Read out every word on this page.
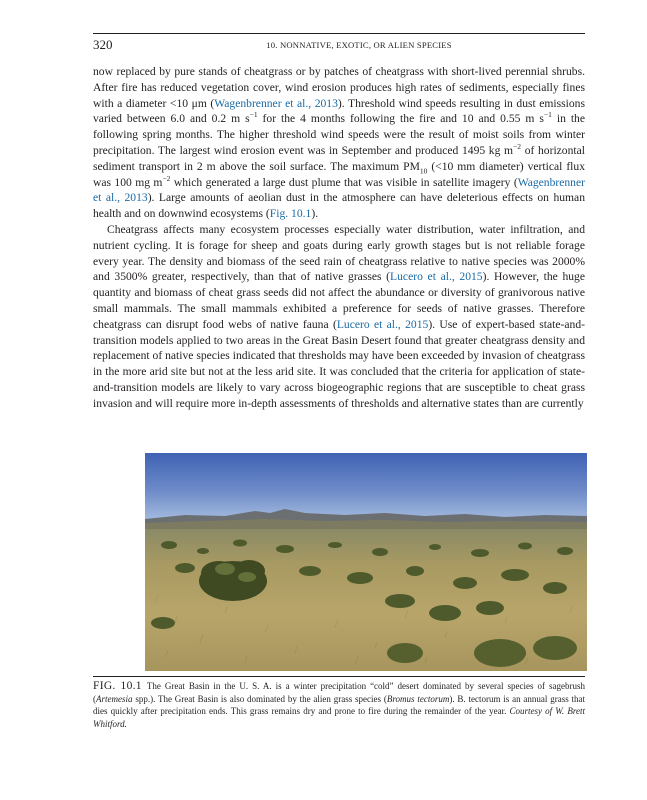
320	10. NONNATIVE, EXOTIC, OR ALIEN SPECIES

now replaced by pure stands of cheatgrass or by patches of cheatgrass with short-lived perennial shrubs. After fire has reduced vegetation cover, wind erosion produces high rates of sediments, especially fines with a diameter <10 μm (Wagenbrenner et al., 2013). Threshold wind speeds resulting in dust emissions varied between 6.0 and 0.2 m $s^{-1}$ for the 4 months following the fire and 10 and 0.55 m $s^{-1}$ in the following spring months. The higher threshold wind speeds were the result of moist soils from winter precipitation. The largest wind erosion event was in September and produced 1495 kg $m^{-2}$ of horizontal sediment transport in 2 m above the soil surface. The maximum $PM_{10}$ (<10 mm diameter) vertical flux was 100 mg $m^{-2}$ which generated a large dust plume that was visible in satellite imagery (Wagenbrenner et al., 2013). Large amounts of aeolian dust in the atmosphere can have deleterious effects on human health and on downwind ecosystems (Fig. 10.1).

Cheatgrass affects many ecosystem processes especially water distribution, water infiltration, and nutrient cycling. It is forage for sheep and goats during early growth stages but is not reliable forage every year. The density and biomass of the seed rain of cheatgrass relative to native species was 2000% and 3500% greater, respectively, than that of native grasses (Lucero et al., 2015). However, the huge quantity and biomass of cheat grass seeds did not affect the abundance or diversity of granivorous native small mammals. The small mammals exhibited a preference for seeds of native grasses. Therefore cheatgrass can disrupt food webs of native fauna (Lucero et al., 2015). Use of expert-based state-and-transition models applied to two areas in the Great Basin Desert found that greater cheatgrass density and replacement of native species indicated that thresholds may have been exceeded by invasion of cheatgrass in the more arid site but not at the less arid site. It was concluded that the criteria for application of state-and-transition models are likely to vary across biogeographic regions that are susceptible to cheat grass invasion and will require more in-depth assessments of thresholds and alternative states than are currently

FIG. 10.1 The Great Basin in the U. S. A. is a winter precipitation “cold” desert dominated by several species of sagebrush (Artemesia spp.). The Great Basin is also dominated by the alien grass species (Bromus tectorum). B. tectorum is an annual grass that dies quickly after precipitation ends. This grass remains dry and prone to fire during the remainder of the year. Courtesy of W. Brett Whitford.
